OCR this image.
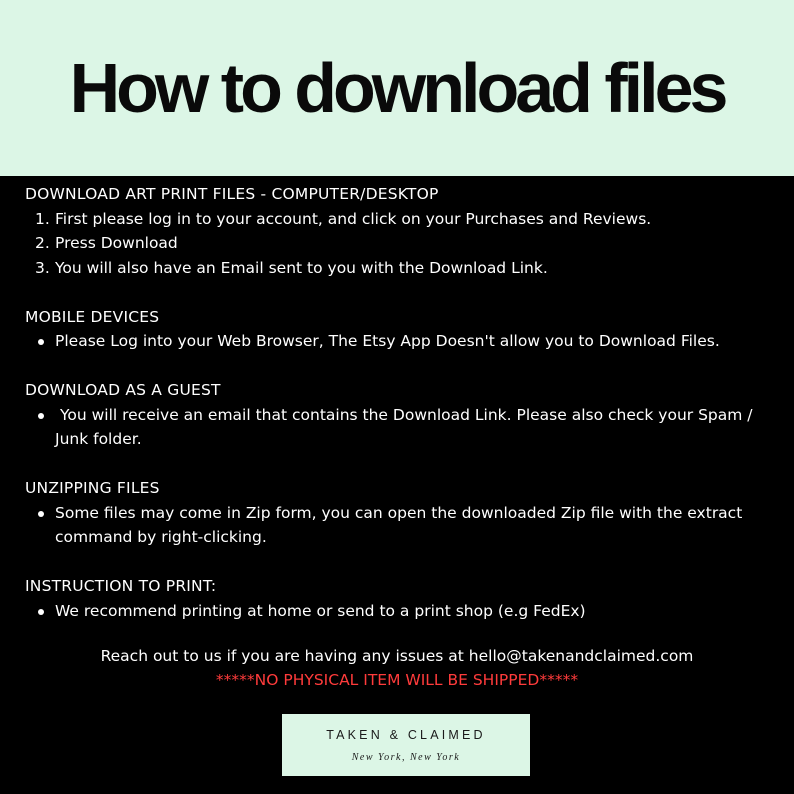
How to download files
DOWNLOAD ART PRINT FILES - COMPUTER/DESKTOP
1. First please log in to your account, and click on your Purchases and Reviews.
2. Press Download
3. You will also have an Email sent to you with the Download Link.
MOBILE DEVICES
Please Log into your Web Browser, The Etsy App Doesn't allow you to Download Files.
DOWNLOAD AS A GUEST
You will receive an email that contains the Download Link. Please also check your Spam / Junk folder.
UNZIPPING FILES
Some files may come in Zip form, you can open the downloaded Zip file with the extract command by right-clicking.
INSTRUCTION TO PRINT:
We recommend printing at home or send to a print shop (e.g FedEx)
Reach out to us if you are having any issues at hello@takenandclaimed.com
*****NO PHYSICAL ITEM WILL BE SHIPPED*****
TAKEN & CLAIMED
New York, New York
